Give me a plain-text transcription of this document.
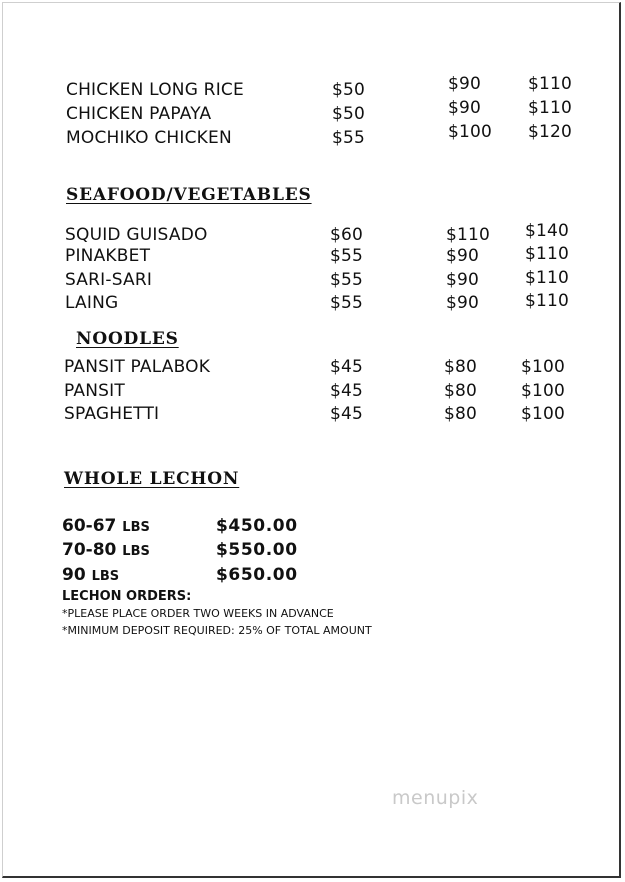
CHICKEN LONG RICE	$50	$90	$110
CHICKEN PAPAYA	$50	$90	$110
MOCHIKO CHICKEN	$55	$100 $120
SEAFOOD/VEGETABLES
SQUID GUISADO	$60	$110 $140
PINAKBET	$55	$90	$110
SARI-SARI	$55	$90	$110
LAING	$55	$90	$110
NOODLES
PANSIT PALABOK	$45	$80	$100
PANSIT	$45	$80	$100
SPAGHETTI	$45	$80	$100
WHOLE LECHON
60-67 LBS	$450.00
70-80 LBS	$550.00
90 LBS	$650.00
LECHON ORDERS:
*PLEASE PLACE ORDER TWO WEEKS IN ADVANCE
*MINIMUM DEPOSIT REQUIRED: 25% OF TOTAL AMOUNT
menupix
